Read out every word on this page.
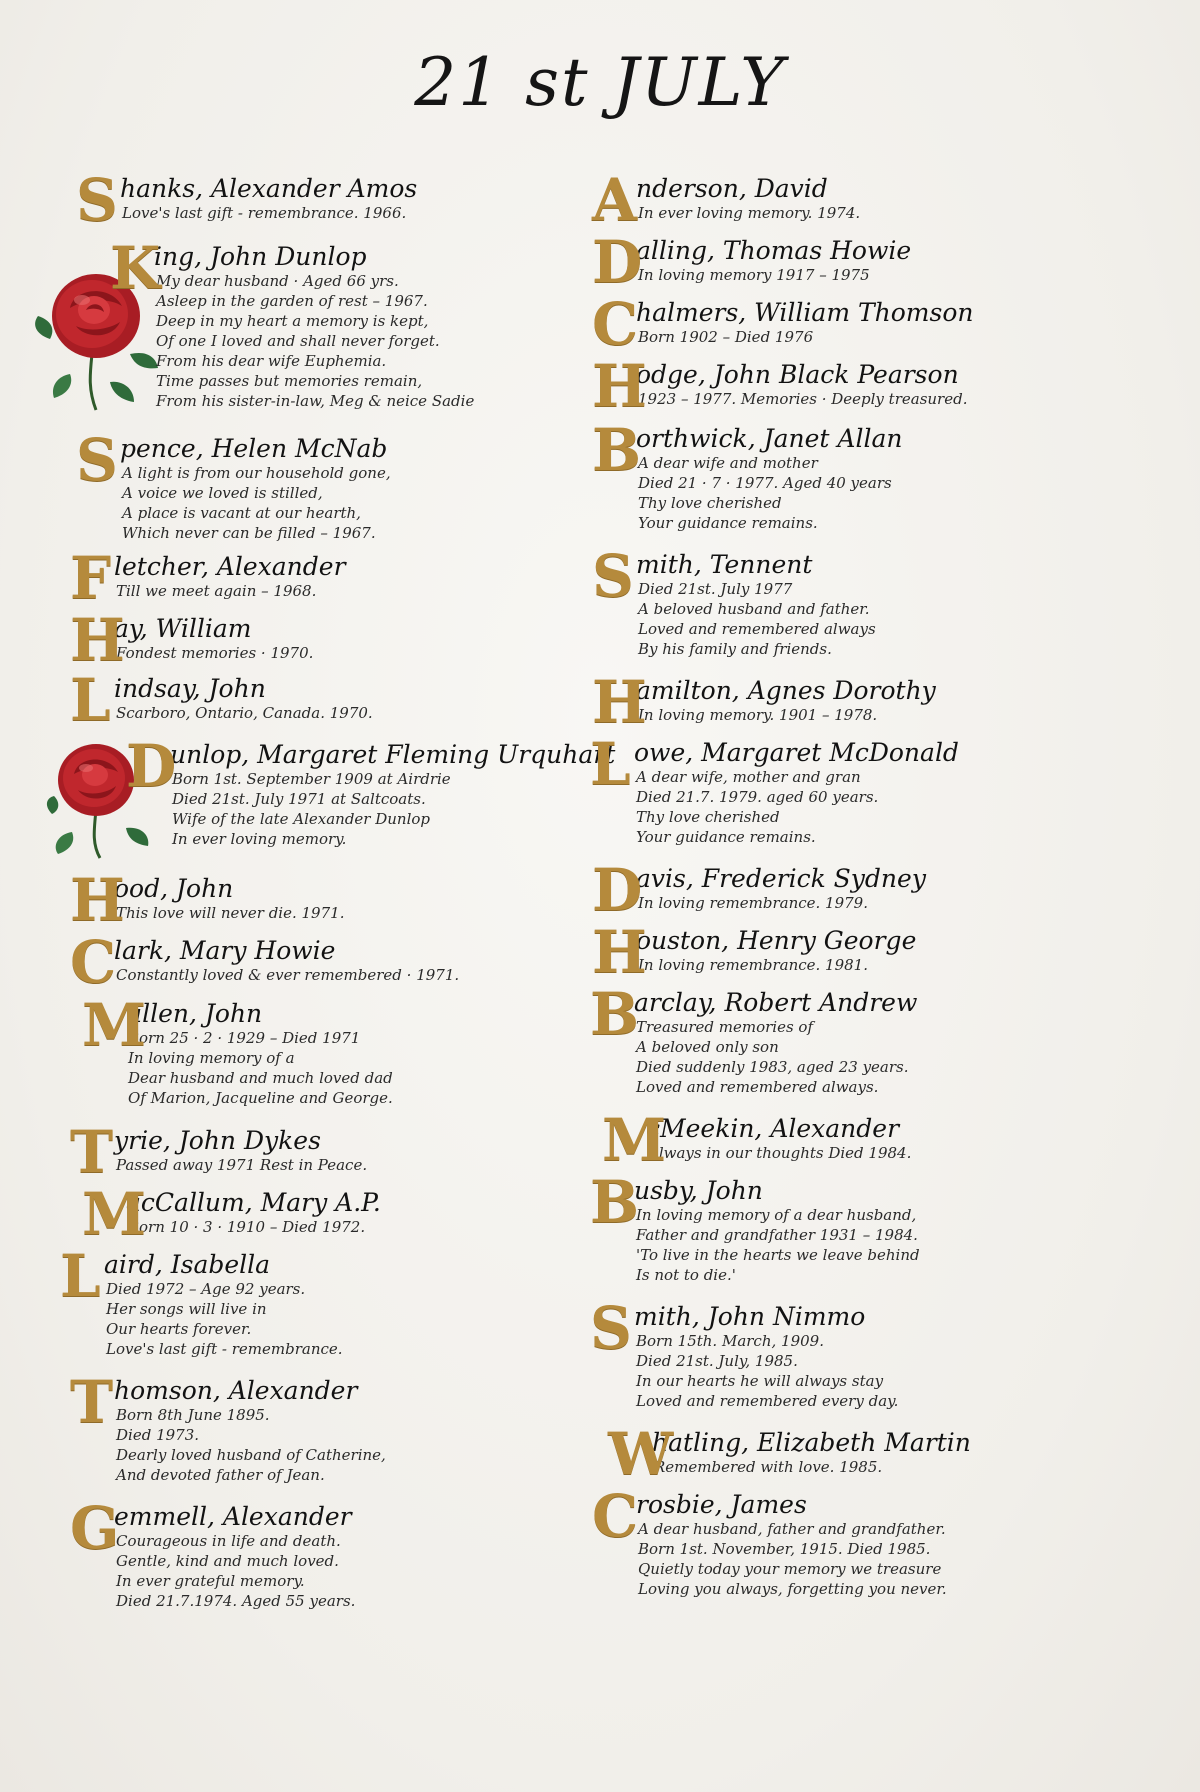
21 st JULY
S hanks, Alexander Amos
Love's last gift - remembrance. 1966.
K
ing, John Dunlop
My dear husband · Aged 66 yrs.
Asleep in the garden of rest – 1967.
Deep in my heart a memory is kept,
Of one I loved and shall never forget.
From his dear wife Euphemia.
Time passes but memories remain,
From his sister-in-law, Meg & neice Sadie
S pence, Helen McNab
A light is from our household gone,
A voice we loved is stilled,
A place is vacant at our hearth,
Which never can be filled – 1967.
F letcher, Alexander
Till we meet again – 1968.
H
ay, William
Fondest memories · 1970.
L indsay, John
Scarboro, Ontario, Canada. 1970.
D
unlop, Margaret Fleming Urquhart
Born 1st. September 1909 at Airdrie
Died 21st. July 1971 at Saltcoats.
Wife of the late Alexander Dunlop
In ever loving memory.
H
ood, John
This love will never die. 1971.
C
lark, Mary Howie
Constantly loved & ever remembered · 1971.
M
ullen, John
Born 25 · 2 · 1929 – Died 1971
In loving memory of a
Dear husband and much loved dad
Of Marion, Jacqueline and George.
T yrie, John Dykes
Passed away 1971 Rest in Peace.
M
acCallum, Mary A.P.
Born 10 · 3 · 1910 – Died 1972.
L aird, Isabella
Died 1972 – Age 92 years.
Her songs will live in
Our hearts forever.
Love's last gift - remembrance.
T homson, Alexander
Born 8th June 1895.
Died 1973.
Dearly loved husband of Catherine,
And devoted father of Jean.
G
emmell, Alexander
Courageous in life and death.
Gentle, kind and much loved.
In ever grateful memory.
Died 21.7.1974. Aged 55 years.
A
nderson, David
In ever loving memory. 1974.
D
alling, Thomas Howie
In loving memory 1917 – 1975
C
halmers, William Thomson
Born 1902 – Died 1976
H
odge, John Black Pearson
1923 – 1977. Memories · Deeply treasured.
B
orthwick, Janet Allan
A dear wife and mother
Died 21 · 7 · 1977. Aged 40 years
Thy love cherished
Your guidance remains.
S mith, Tennent
Died 21st. July 1977
A beloved husband and father.
Loved and remembered always
By his family and friends.
H
amilton, Agnes Dorothy
In loving memory. 1901 – 1978.
L owe, Margaret McDonald
A dear wife, mother and gran
Died 21.7. 1979. aged 60 years.
Thy love cherished
Your guidance remains.
D
avis, Frederick Sydney
In loving remembrance. 1979.
H
ouston, Henry George
In loving remembrance. 1981.
B
arclay, Robert Andrew
Treasured memories of
A beloved only son
Died suddenly 1983, aged 23 years.
Loved and remembered always.
M
cMeekin, Alexander
Always in our thoughts Died 1984.
B
usby, John
In loving memory of a dear husband,
Father and grandfather 1931 – 1984.
'To live in the hearts we leave behind
Is not to die.'
S mith, John Nimmo
Born 15th. March, 1909.
Died 21st. July, 1985.
In our hearts he will always stay
Loved and remembered every day.
W
hatling, Elizabeth Martin
Remembered with love. 1985.
C
rosbie, James
A dear husband, father and grandfather.
Born 1st. November, 1915. Died 1985.
Quietly today your memory we treasure
Loving you always, forgetting you never.
